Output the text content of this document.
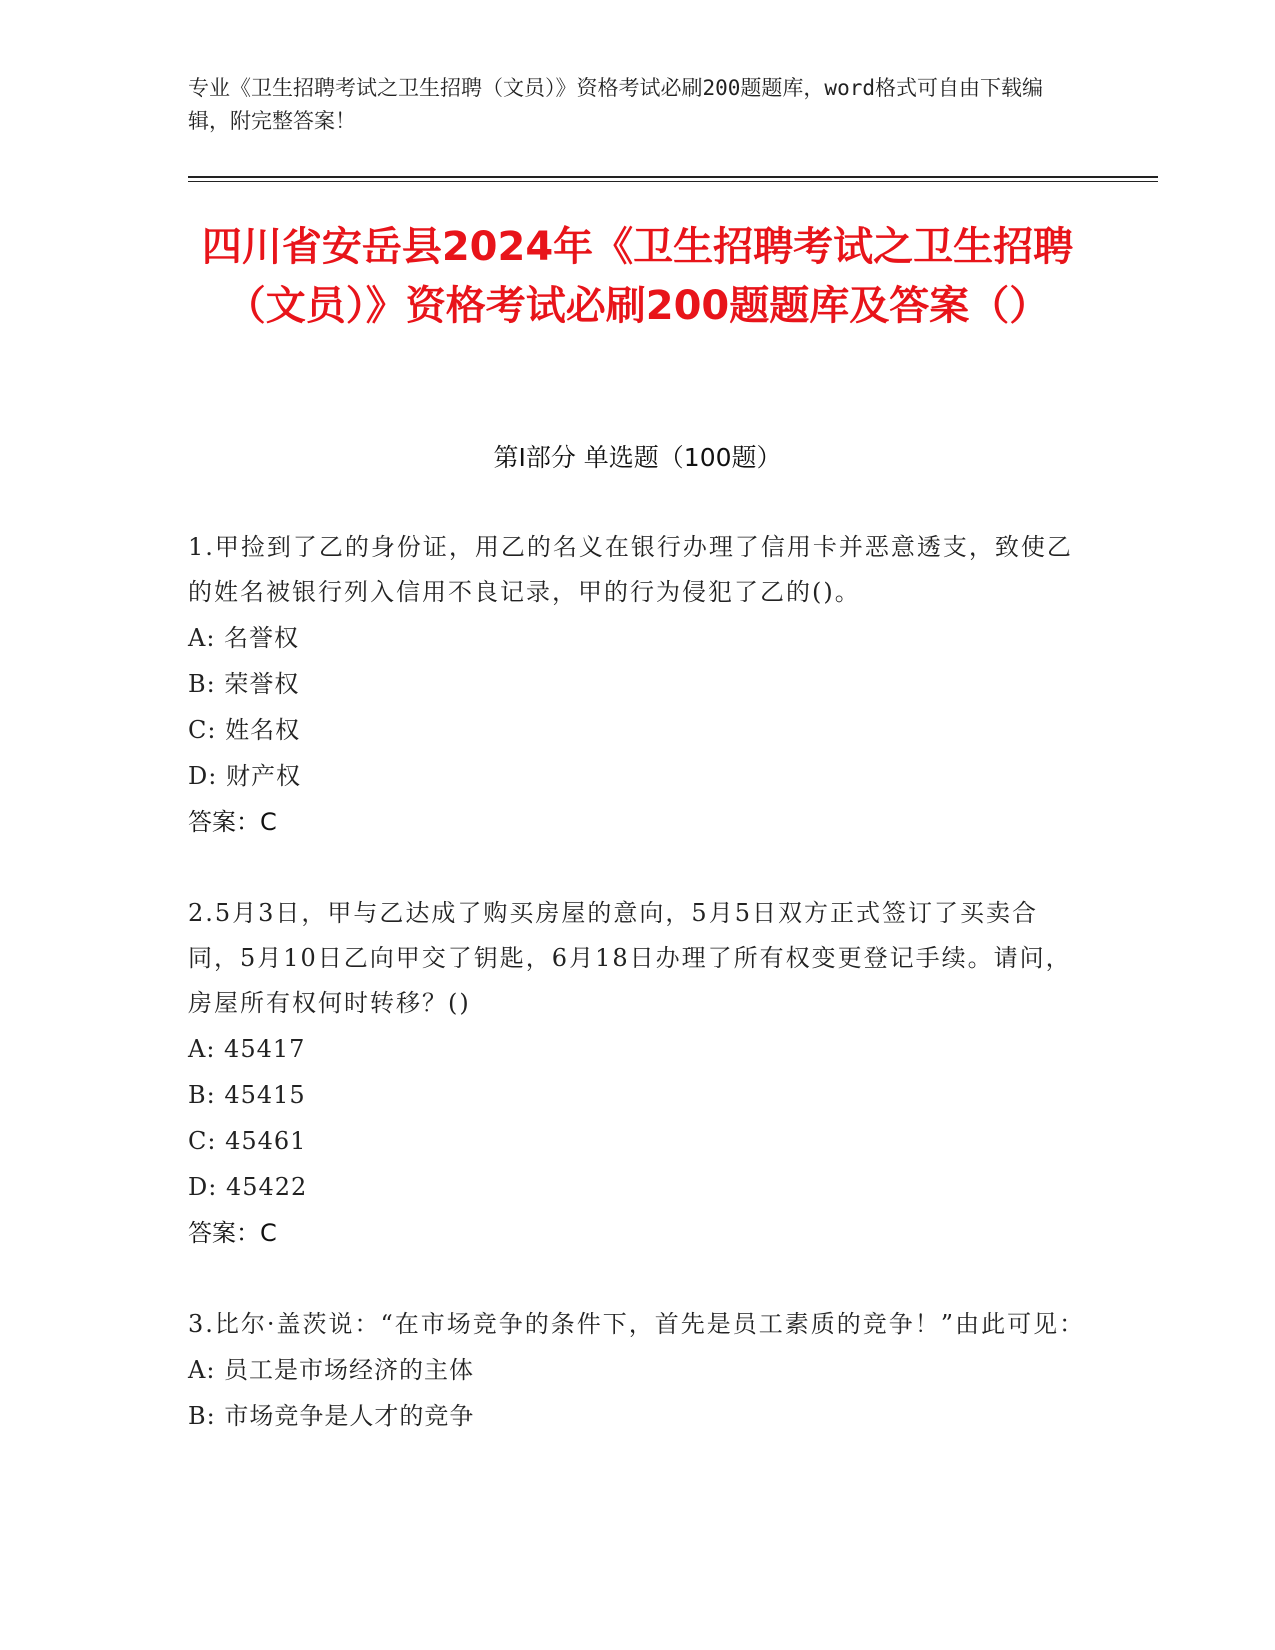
专业《卫生招聘考试之卫生招聘（文员）》资格考试必刷200题题库，word格式可自由下载编辑，附完整答案！
四川省安岳县2024年《卫生招聘考试之卫生招聘（文员）》资格考试必刷200题题库及答案（）
第Ⅰ部分 单选题（100题）
1.甲捡到了乙的身份证，用乙的名义在银行办理了信用卡并恶意透支，致使乙的姓名被银行列入信用不良记录，甲的行为侵犯了乙的()。
A: 名誉权
B: 荣誉权
C: 姓名权
D: 财产权
答案：C
2.5月3日，甲与乙达成了购买房屋的意向，5月5日双方正式签订了买卖合同，5月10日乙向甲交了钥匙，6月18日办理了所有权变更登记手续。请问，房屋所有权何时转移？()
A: 45417
B: 45415
C: 45461
D: 45422
答案：C
3.比尔·盖茨说：“在市场竞争的条件下，首先是员工素质的竞争！”由此可见：
A: 员工是市场经济的主体
B: 市场竞争是人才的竞争
